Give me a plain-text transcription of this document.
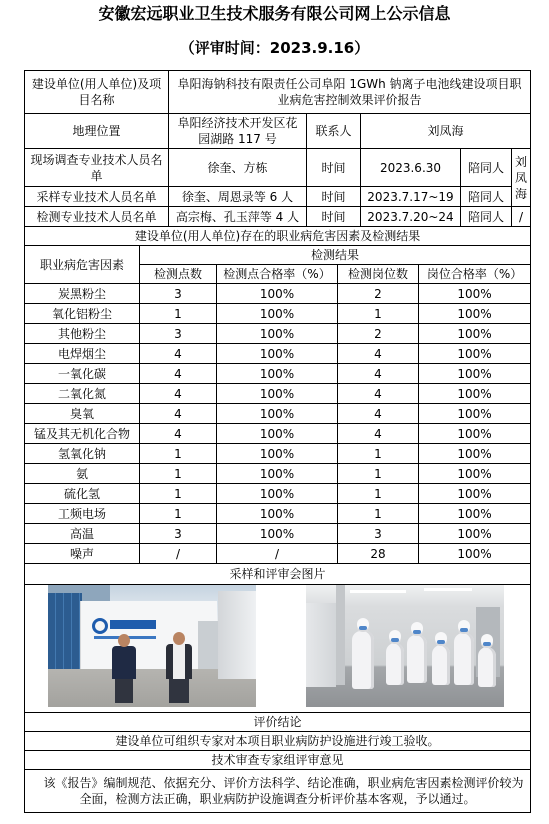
安徽宏远职业卫生技术服务有限公司网上公示信息
（评审时间：2023.9.16）
建设单位(用人单位)及项目名称		阜阳海钠科技有限责任公司阜阳 1GWh 钠离子电池线建设项目职业病危害控制效果评价报告							
地理位置		阜阳经济技术开发区花园湖路 117 号		联系人		刘凤海			
现场调查专业技术人员名单		徐奎、方栋		时间		2023.6.30		陪同人	刘凤海
采样专业技术人员名单		徐奎、周恩录等 6 人		时间		2023.7.17~19		陪同人	
检测专业技术人员名单		高宗梅、孔玉萍等 4 人		时间		2023.7.20~24		陪同人	/
建设单位(用人单位)存在的职业病危害因素及检测结果									
职业病危害因素	检测结果								
	检测点数		检测点合格率（%）		检测岗位数		岗位合格率（%）		
炭黑粉尘	3		100%		2		100%		
氧化铝粉尘	1		100%		1		100%		
其他粉尘	3		100%		2		100%		
电焊烟尘	4		100%		4		100%		
一氧化碳	4		100%		4		100%		
二氧化氮	4		100%		4		100%		
臭氧	4		100%		4		100%		
锰及其无机化合物	4		100%		4		100%		
氢氧化钠	1		100%		1		100%		
氨	1		100%		1		100%		
硫化氢	1		100%		1		100%		
工频电场	1		100%		1		100%		
高温	3		100%		3		100%		
噪声	/		/		28		100%		
采样和评审会图片									

评价结论									
建设单位可组织专家对本项目职业病防护设施进行竣工验收。									
技术审查专家组评审意见									
该《报告》编制规范、依据充分、评价方法科学、结论准确，职业病危害因素检测评价较为全面，检测方法正确，职业病防护设施调查分析评价基本客观，予以通过。									
